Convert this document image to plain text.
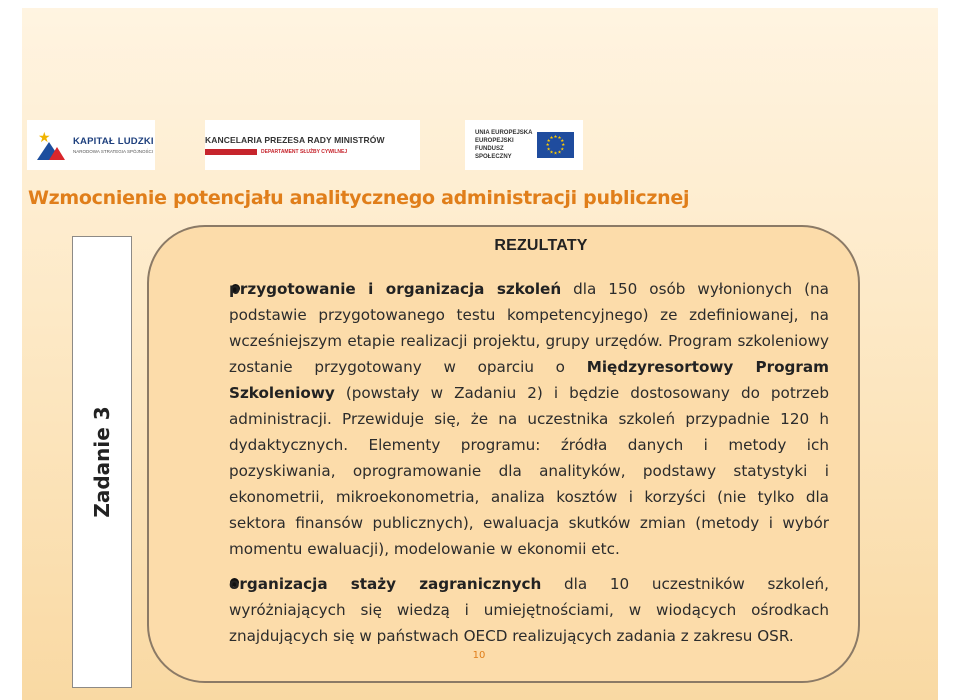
★ KAPITAŁ LUDZKI
NARODOWA STRATEGIA SPÓJNOŚCI
KANCELARIA PREZESA RADY MINISTRÓW
DEPARTAMENT SŁUŻBY CYWILNEJ
UNIA EUROPEJSKA
EUROPEJSKI
FUNDUSZ SPOŁECZNY
★ ★
★
★
★
★
★
★
★
★
★
★
Wzmocnienie potencjału analitycznego administracji publicznej
Zadanie 3
REZULTATY

przygotowanie i organizacja szkoleń dla 150 osób wyłonionych (na podstawie przygotowanego testu kompetencyjnego) ze zdefiniowanej, na wcześniejszym etapie realizacji projektu, grupy urzędów. Program szkoleniowy zostanie przygotowany w oparciu o Międzyresortowy Program Szkoleniowy (powstały w Zadaniu 2) i będzie dostosowany do potrzeb administracji. Przewiduje się, że na uczestnika szkoleń przypadnie 120 h dydaktycznych. Elementy programu: źródła danych i metody ich pozyskiwania, oprogramowanie dla analityków, podstawy statystyki i ekonometrii, mikroekonometria, analiza kosztów i korzyści (nie tylko dla sektora finansów publicznych), ewaluacja skutków zmian (metody i wybór momentu ewaluacji), modelowanie w ekonomii etc.

organizacja staży zagranicznych dla 10 uczestników szkoleń, wyróżniających się wiedzą i umiejętnościami, w wiodących ośrodkach znajdujących się w państwach OECD realizujących zadania z zakresu OSR.

10
